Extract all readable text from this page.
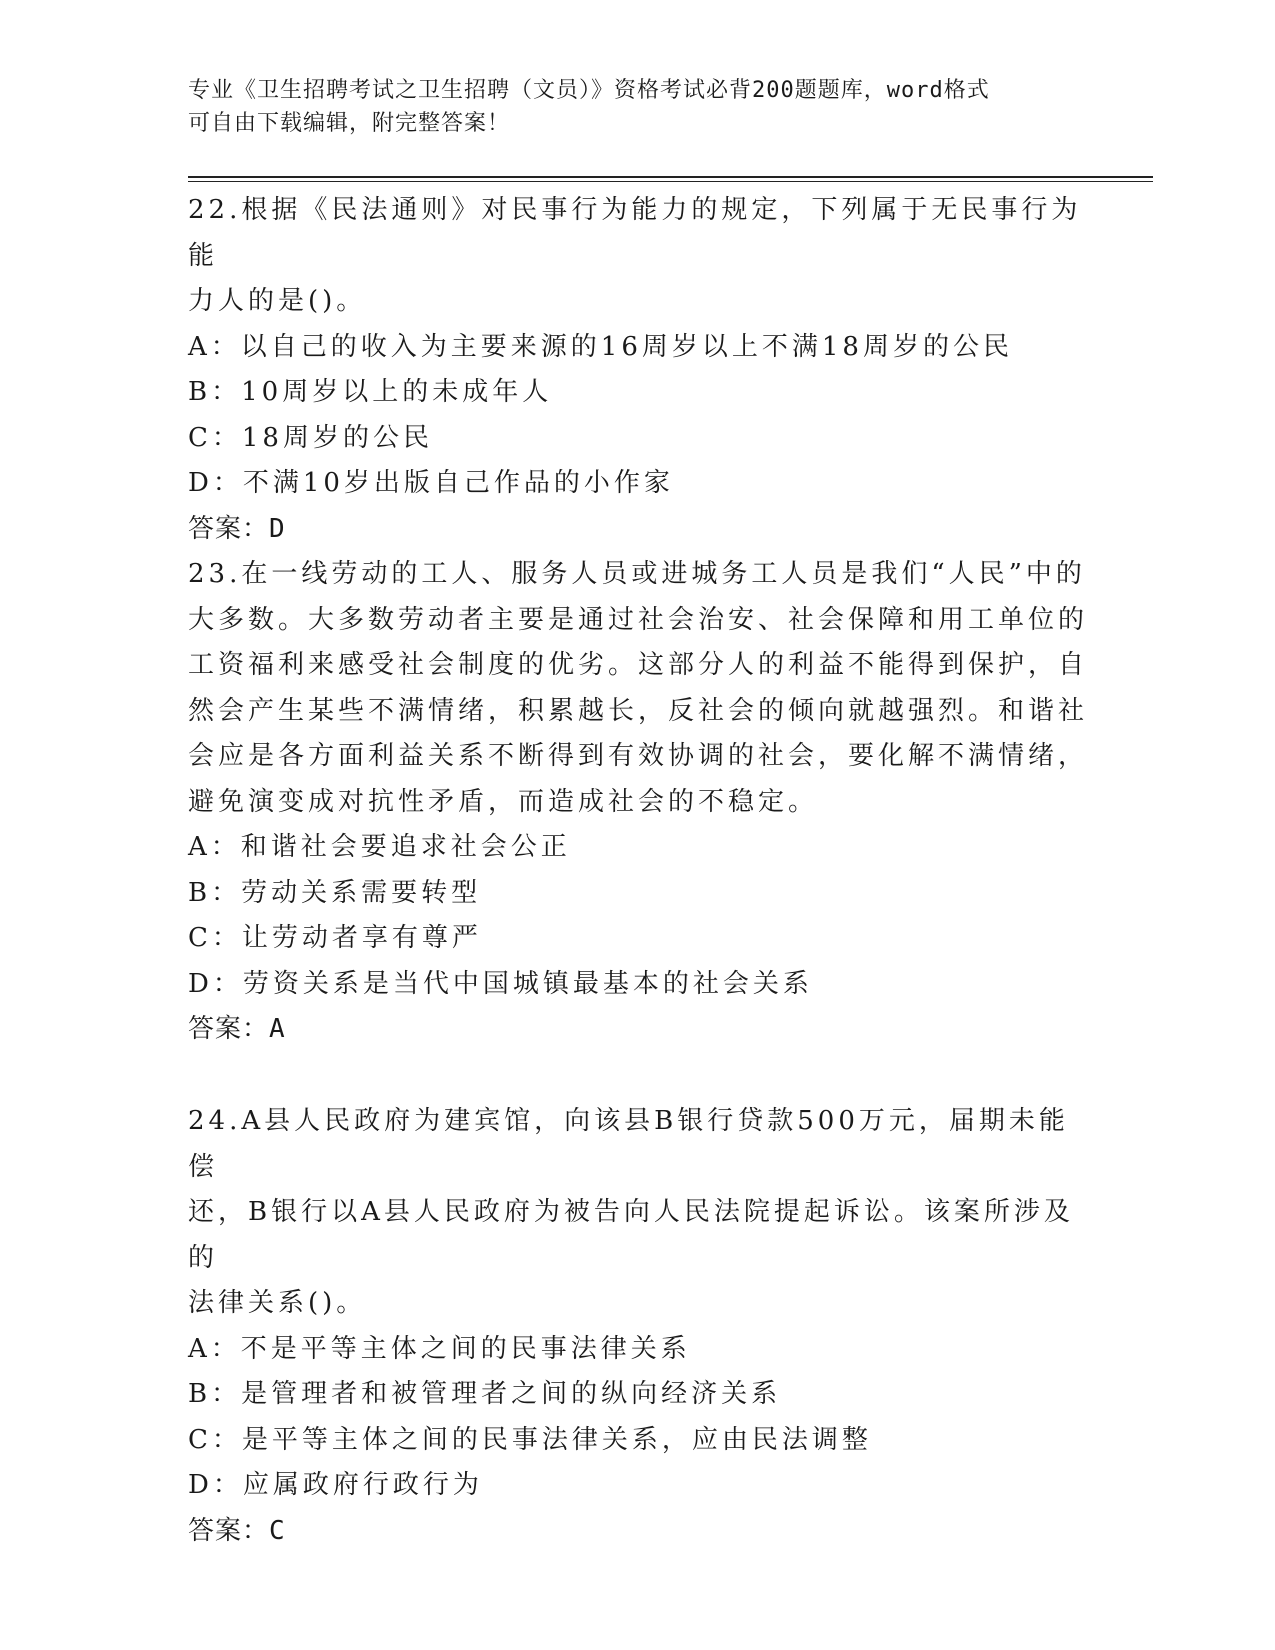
专业《卫生招聘考试之卫生招聘（文员）》资格考试必背200题题库，word格式
可自由下载编辑，附完整答案！

22.根据《民法通则》对民事行为能力的规定，下列属于无民事行为能

力人的是()。

A：以自己的收入为主要来源的16周岁以上不满18周岁的公民

B：10周岁以上的未成年人

C：18周岁的公民

D：不满10岁出版自己作品的小作家

答案：D

23.在一线劳动的工人、服务人员或进城务工人员是我们“人民”中的

大多数。大多数劳动者主要是通过社会治安、社会保障和用工单位的

工资福利来感受社会制度的优劣。这部分人的利益不能得到保护，自

然会产生某些不满情绪，积累越长，反社会的倾向就越强烈。和谐社

会应是各方面利益关系不断得到有效协调的社会，要化解不满情绪，

避免演变成对抗性矛盾，而造成社会的不稳定。

A：和谐社会要追求社会公正

B：劳动关系需要转型

C：让劳动者享有尊严

D：劳资关系是当代中国城镇最基本的社会关系

答案：A

24.A县人民政府为建宾馆，向该县B银行贷款500万元，届期未能偿

还，B银行以A县人民政府为被告向人民法院提起诉讼。该案所涉及的

法律关系()。

A：不是平等主体之间的民事法律关系

B：是管理者和被管理者之间的纵向经济关系

C：是平等主体之间的民事法律关系，应由民法调整

D：应属政府行政行为

答案：C
